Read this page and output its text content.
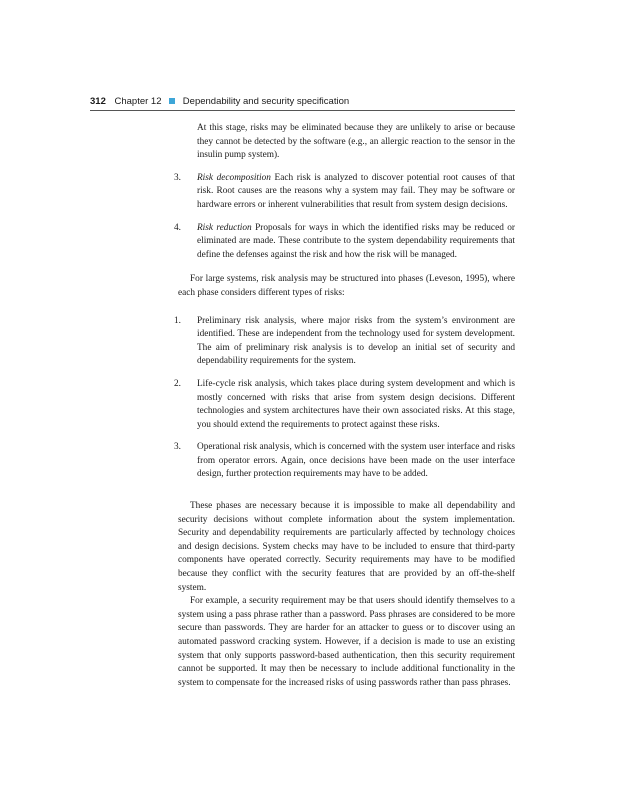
312 Chapter 12 Dependability and security specification

At this stage, risks may be eliminated because they are unlikely to arise or because they cannot be detected by the software (e.g., an allergic reaction to the sensor in the insulin pump system).

3. Risk decomposition Each risk is analyzed to discover potential root causes of that risk. Root causes are the reasons why a system may fail. They may be software or hardware errors or inherent vulnerabilities that result from system design decisions.
4. Risk reduction Proposals for ways in which the identified risks may be reduced or eliminated are made. These contribute to the system dependability requirements that define the defenses against the risk and how the risk will be managed.

For large systems, risk analysis may be structured into phases (Leveson, 1995), where each phase considers different types of risks:

1. Preliminary risk analysis, where major risks from the system’s environment are identified. These are independent from the technology used for system development. The aim of preliminary risk analysis is to develop an initial set of security and dependability requirements for the system.
2. Life-cycle risk analysis, which takes place during system development and which is mostly concerned with risks that arise from system design decisions. Different technologies and system architectures have their own associated risks. At this stage, you should extend the requirements to protect against these risks.
3. Operational risk analysis, which is concerned with the system user interface and risks from operator errors. Again, once decisions have been made on the user interface design, further protection requirements may have to be added.

These phases are necessary because it is impossible to make all dependability and security decisions without complete information about the system implementation. Security and dependability requirements are particularly affected by technology choices and design decisions. System checks may have to be included to ensure that third-party components have operated correctly. Security requirements may have to be modified because they conflict with the security features that are provided by an off-the-shelf system.

For example, a security requirement may be that users should identify themselves to a system using a pass phrase rather than a password. Pass phrases are considered to be more secure than passwords. They are harder for an attacker to guess or to discover using an automated password cracking system. However, if a decision is made to use an existing system that only supports password-based authentication, then this security requirement cannot be supported. It may then be necessary to include additional functionality in the system to compensate for the increased risks of using passwords rather than pass phrases.
